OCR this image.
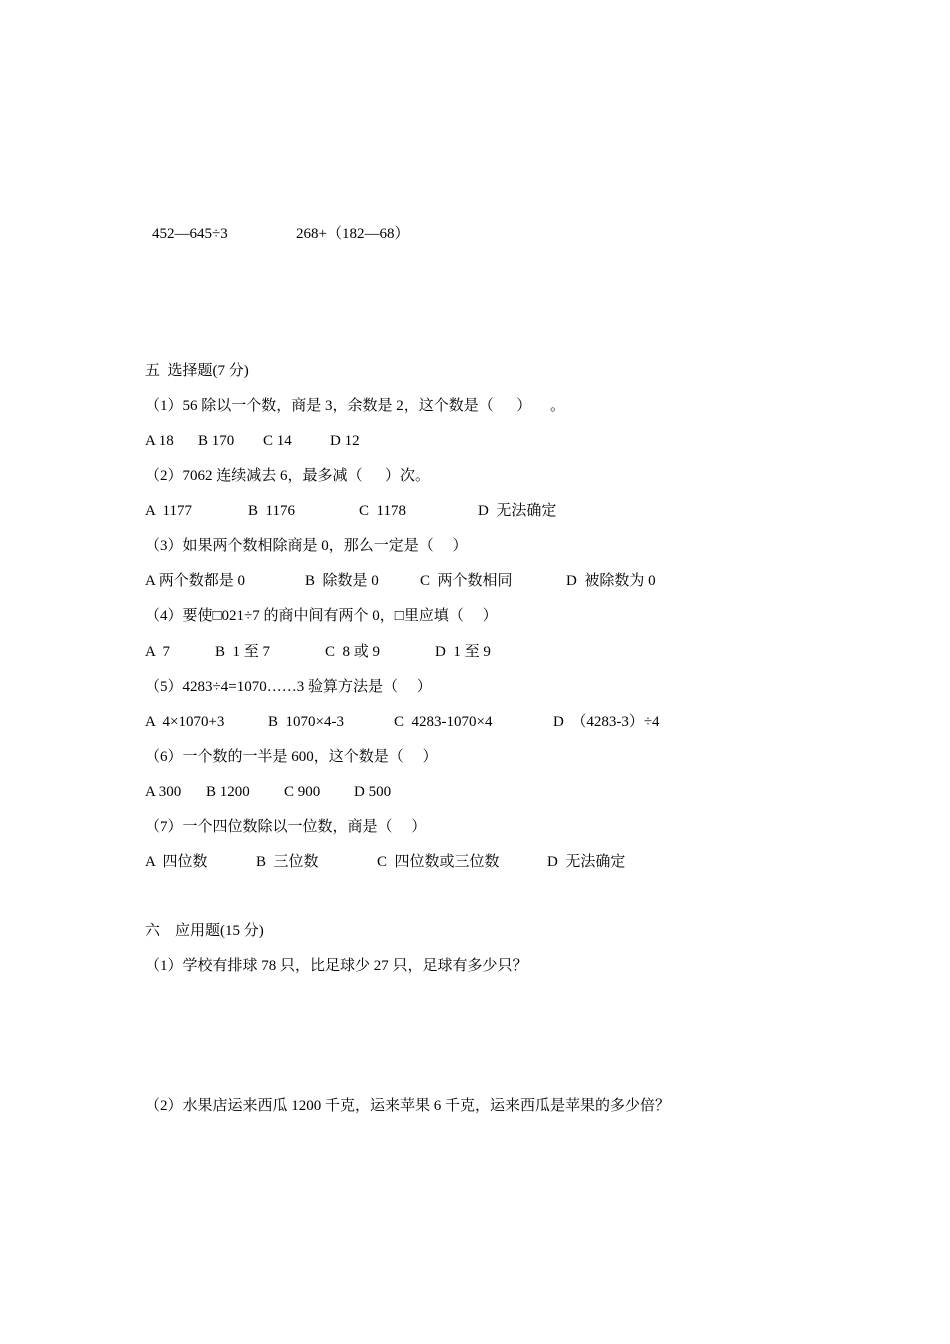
452—645÷3	268+（182—68）
五  选择题(7 分)
（1）56 除以一个数，商是 3，余数是 2，这个数是（      ）     。
A 18 B 170 C 14	D 12
（2）7062 连续减去 6，最多减（      ）次。
A  1177	B  1176	C  1178	D  无法确定
（3）如果两个数相除商是 0，那么一定是（     ）
A 两个数都是 0	B  除数是 0	C  两个数相同	D  被除数为 0
（4）要使□021÷7 的商中间有两个 0，□里应填（     ）
A  7	B  1 至 7	C  8 或 9	D  1 至 9
（5）4283÷4=1070……3 验算方法是（     ）
A  4×1070+3	B  1070×4-3	C  4283-1070×4	D  （4283-3）÷4
（6）一个数的一半是 600，这个数是（     ）
A 300 B 1200 C 900 D 500
（7）一个四位数除以一位数，商是（     ）
A  四位数	B  三位数	C  四位数或三位数	D  无法确定
六    应用题(15 分)
（1）学校有排球 78 只，比足球少 27 只，足球有多少只？
（2）水果店运来西瓜 1200 千克，运来苹果 6 千克，运来西瓜是苹果的多少倍？
